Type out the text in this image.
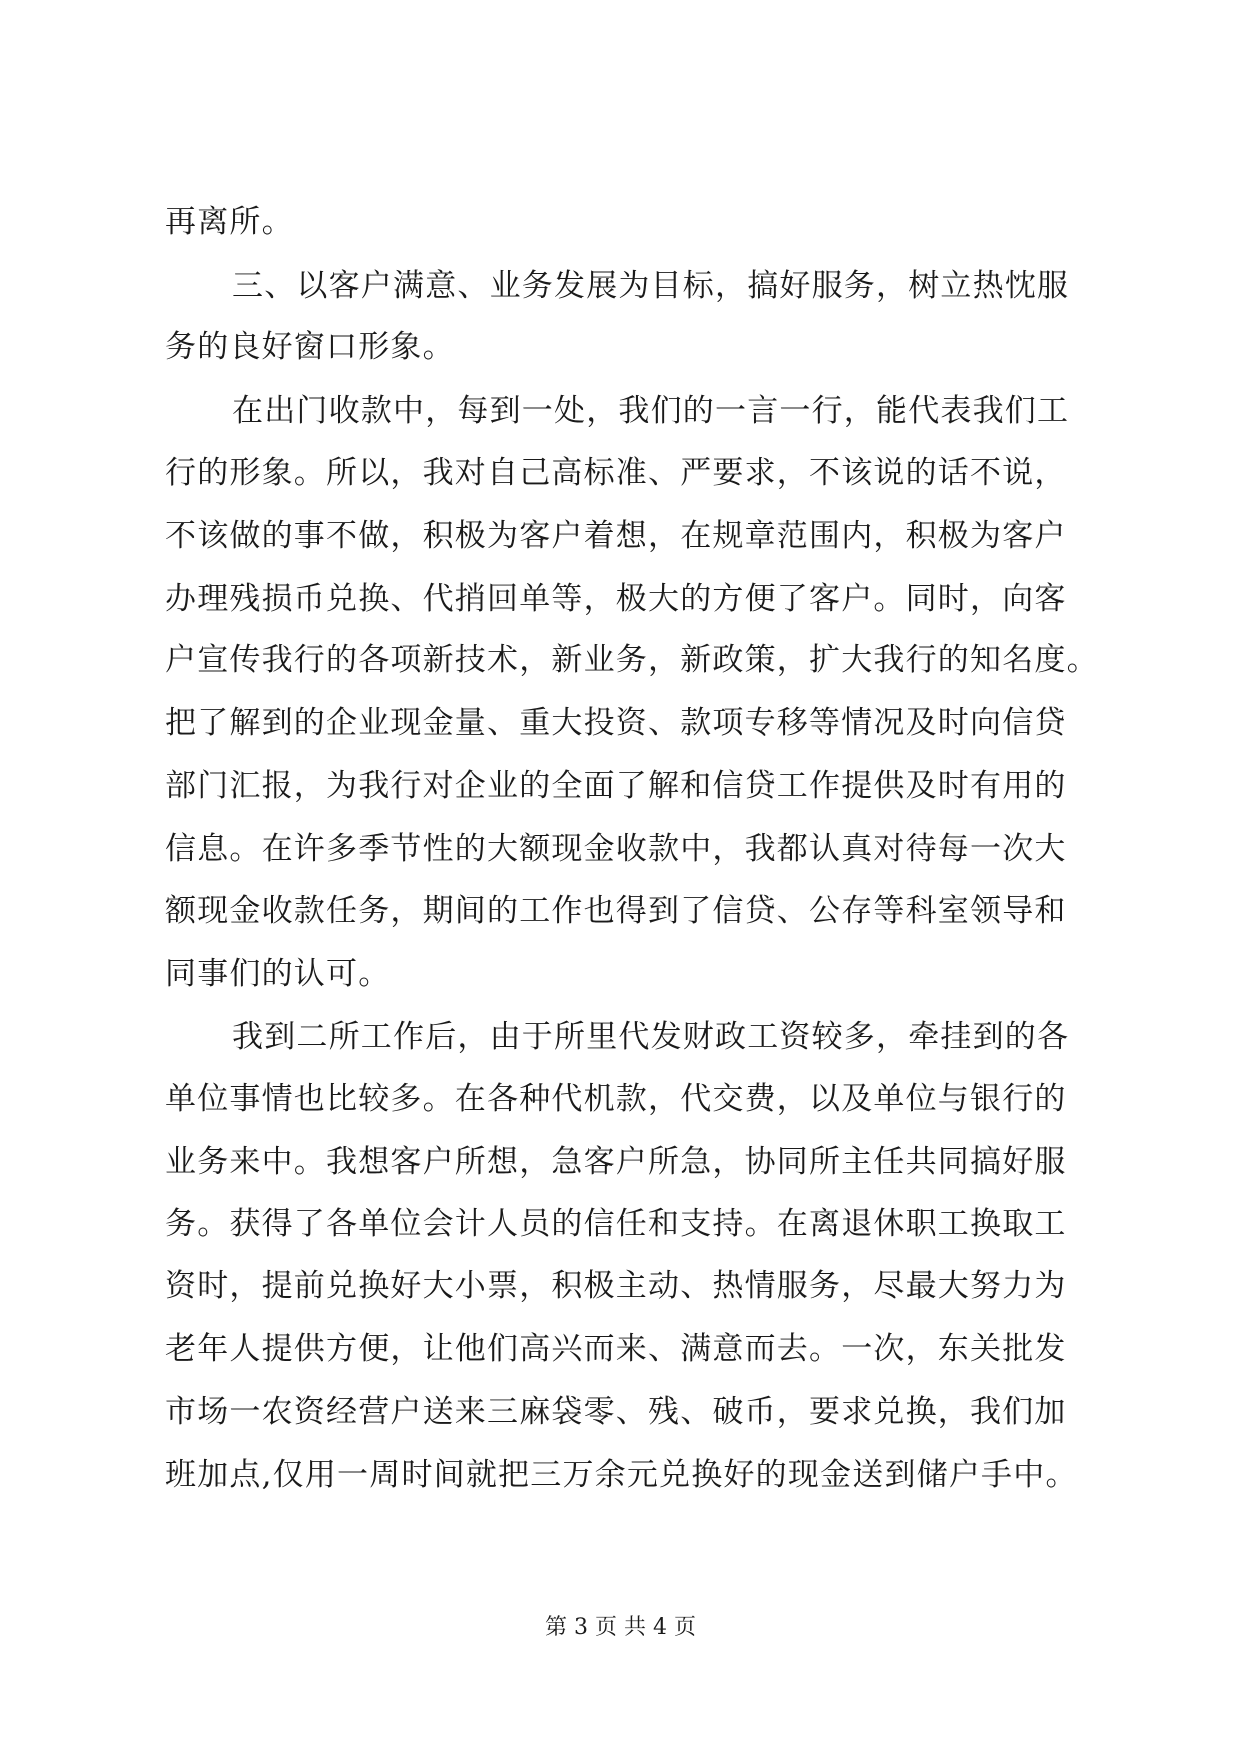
再离所。
三、以客户满意、业务发展为目标，搞好服务，树立热忱服
务的良好窗口形象。
在出门收款中，每到一处，我们的一言一行，能代表我们工
行的形象。所以，我对自己高标准、严要求，不该说的话不说，
不该做的事不做，积极为客户着想，在规章范围内，积极为客户
办理残损币兑换、代捎回单等，极大的方便了客户。同时，向客
户宣传我行的各项新技术，新业务，新政策，扩大我行的知名度。
把了解到的企业现金量、重大投资、款项专移等情况及时向信贷
部门汇报，为我行对企业的全面了解和信贷工作提供及时有用的
信息。在许多季节性的大额现金收款中，我都认真对待每一次大
额现金收款任务，期间的工作也得到了信贷、公存等科室领导和
同事们的认可。
我到二所工作后，由于所里代发财政工资较多，牵挂到的各
单位事情也比较多。在各种代机款，代交费，以及单位与银行的
业务来中。我想客户所想，急客户所急，协同所主任共同搞好服
务。获得了各单位会计人员的信任和支持。在离退休职工换取工
资时，提前兑换好大小票，积极主动、热情服务，尽最大努力为
老年人提供方便，让他们高兴而来、满意而去。一次，东关批发
市场一农资经营户送来三麻袋零、残、破币，要求兑换，我们加
班加点,仅用一周时间就把三万余元兑换好的现金送到储户手中。
第 3 页 共 4 页
